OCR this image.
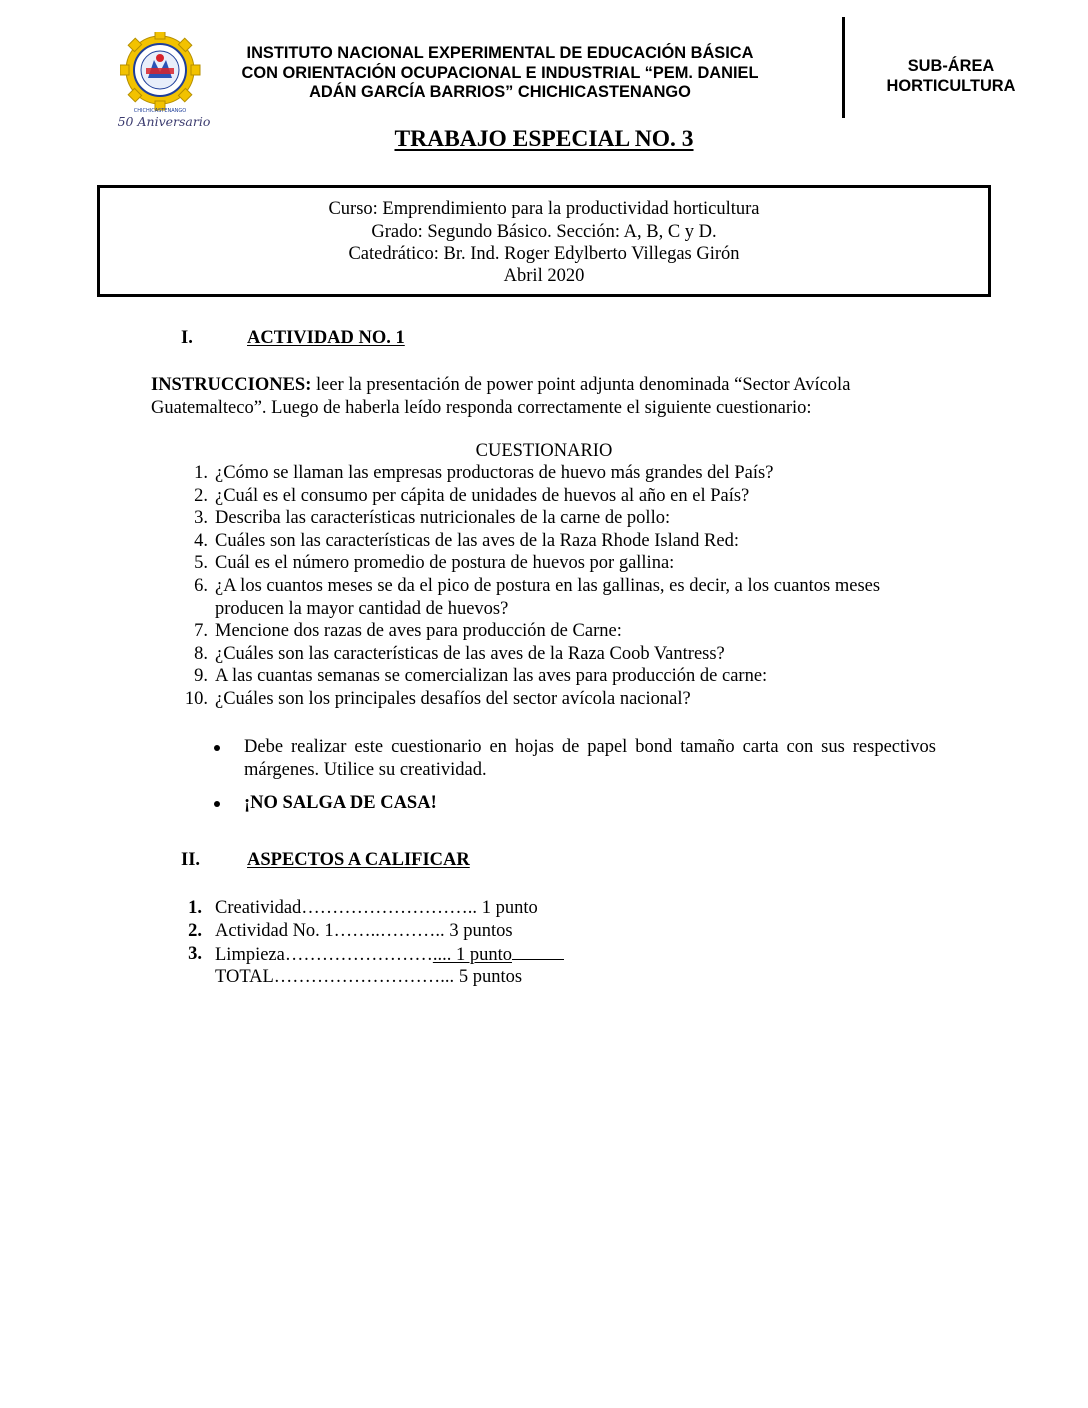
CHICHICASTENANGO
50 Aniversario
INSTITUTO NACIONAL EXPERIMENTAL DE EDUCACIÓN BÁSICA
CON ORIENTACIÓN OCUPACIONAL E INDUSTRIAL “PEM. DANIEL
ADÁN GARCÍA BARRIOS” CHICHICASTENANGO
SUB-ÁREA
HORTICULTURA
TRABAJO ESPECIAL NO. 3
Curso: Emprendimiento para la productividad horticultura
Grado: Segundo Básico. Sección: A, B, C y D.
Catedrático: Br. Ind. Roger Edylberto Villegas Girón
Abril 2020
I.	ACTIVIDAD NO. 1
INSTRUCCIONES: leer la presentación de power point adjunta denominada “Sector Avícola Guatemalteco”. Luego de haberla leído responda correctamente el siguiente cuestionario:
CUESTIONARIO
1. ¿Cómo se llaman las empresas productoras de huevo más grandes del País?
2. ¿Cuál es el consumo per cápita de unidades de huevos al año en el País?
3. Describa las características nutricionales de la carne de pollo:
4. Cuáles son las características de las aves de la Raza Rhode Island Red:
5. Cuál es el número promedio de postura de huevos por gallina:
6. ¿A los cuantos meses se da el pico de postura en las gallinas, es decir, a los cuantos meses producen la mayor cantidad de huevos?
7. Mencione dos razas de aves para producción de Carne:
8. ¿Cuáles son las características de las aves de la Raza Coob Vantress?
9. A las cuantas semanas se comercializan las aves para producción de carne:
10. ¿Cuáles son los principales desafíos del sector avícola nacional?
Debe realizar este cuestionario en hojas de papel bond tamaño carta con sus respectivos márgenes. Utilice su creatividad.
¡NO SALGA DE CASA!
II.	ASPECTOS A CALIFICAR
1. Creatividad……………………….. 1 punto
2. Actividad No. 1……..……….. 3 puntos
3. Limpieza…………………….... 1 punto
TOTAL………………………... 5 puntos
